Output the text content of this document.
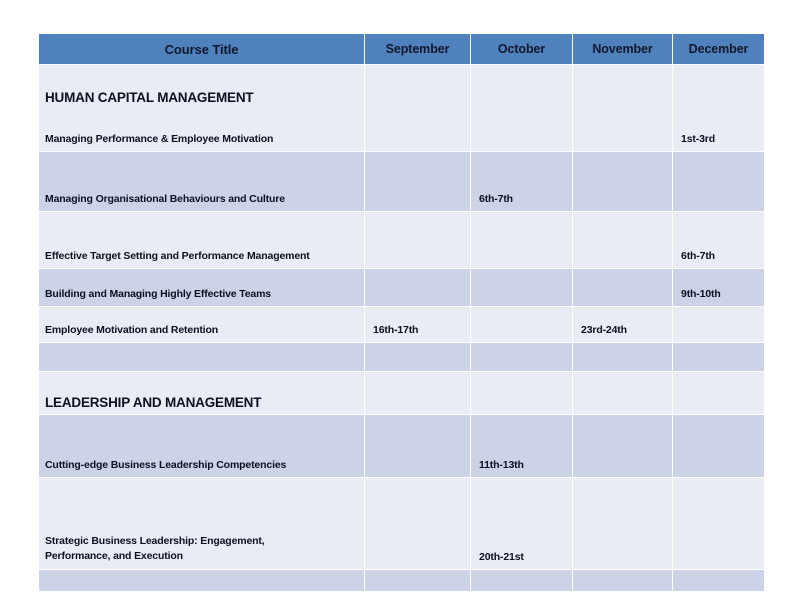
Course Title	September	October	November	December
HUMAN CAPITAL MANAGEMENT				
Managing Performance & Employee Motivation				1st-3rd
Managing Organisational Behaviours and Culture		6th-7th		
Effective Target Setting and Performance Management				6th-7th
Building and Managing Highly Effective Teams				9th-10th
Employee Motivation and Retention	16th-17th		23rd-24th	

LEADERSHIP AND MANAGEMENT				
Cutting-edge Business Leadership Competencies		11th-13th		
Strategic Business Leadership: Engagement,
Performance, and Execution		20th-21st		
